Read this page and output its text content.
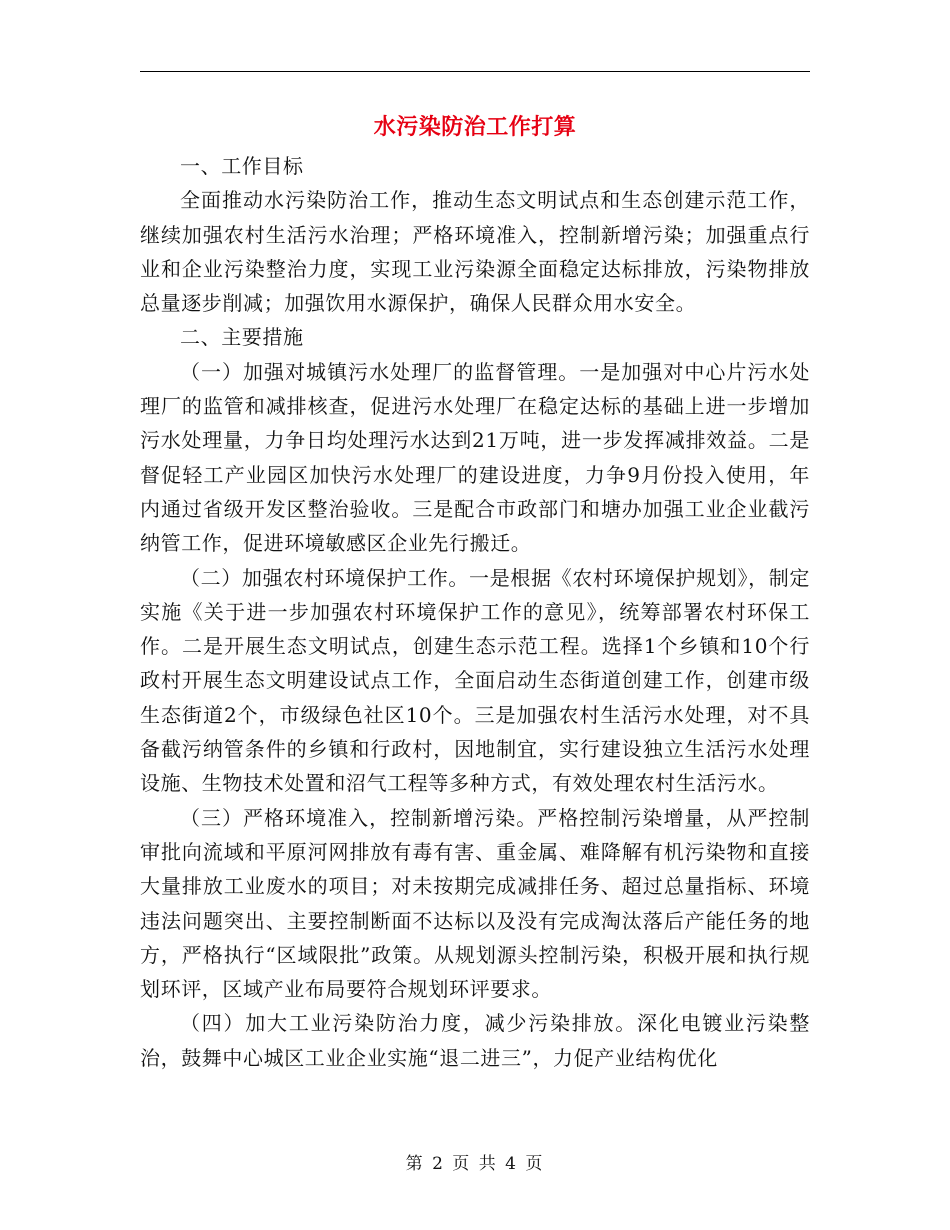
水污染防治工作打算

一、工作目标

全面推动水污染防治工作，推动生态文明试点和生态创建示范工作，继续加强农村生活污水治理；严格环境准入，控制新增污染；加强重点行业和企业污染整治力度，实现工业污染源全面稳定达标排放，污染物排放总量逐步削减；加强饮用水源保护，确保人民群众用水安全。

二、主要措施

（一）加强对城镇污水处理厂的监督管理。一是加强对中心片污水处理厂的监管和减排核查，促进污水处理厂在稳定达标的基础上进一步增加污水处理量，力争日均处理污水达到21万吨，进一步发挥减排效益。二是督促轻工产业园区加快污水处理厂的建设进度，力争9月份投入使用，年内通过省级开发区整治验收。三是配合市政部门和塘办加强工业企业截污纳管工作，促进环境敏感区企业先行搬迁。

（二）加强农村环境保护工作。一是根据《农村环境保护规划》，制定实施《关于进一步加强农村环境保护工作的意见》，统筹部署农村环保工作。二是开展生态文明试点，创建生态示范工程。选择1个乡镇和10个行政村开展生态文明建设试点工作，全面启动生态街道创建工作，创建市级生态街道2个，市级绿色社区10个。三是加强农村生活污水处理，对不具备截污纳管条件的乡镇和行政村，因地制宜，实行建设独立生活污水处理设施、生物技术处置和沼气工程等多种方式，有效处理农村生活污水。

（三）严格环境准入，控制新增污染。严格控制污染增量，从严控制审批向流域和平原河网排放有毒有害、重金属、难降解有机污染物和直接大量排放工业废水的项目；对未按期完成减排任务、超过总量指标、环境违法问题突出、主要控制断面不达标以及没有完成淘汰落后产能任务的地方，严格执行“区域限批”政策。从规划源头控制污染，积极开展和执行规划环评，区域产业布局要符合规划环评要求。

（四）加大工业污染防治力度，减少污染排放。深化电镀业污染整治，鼓舞中心城区工业企业实施“退二进三”，力促产业结构优化

第 2 页 共 4 页
